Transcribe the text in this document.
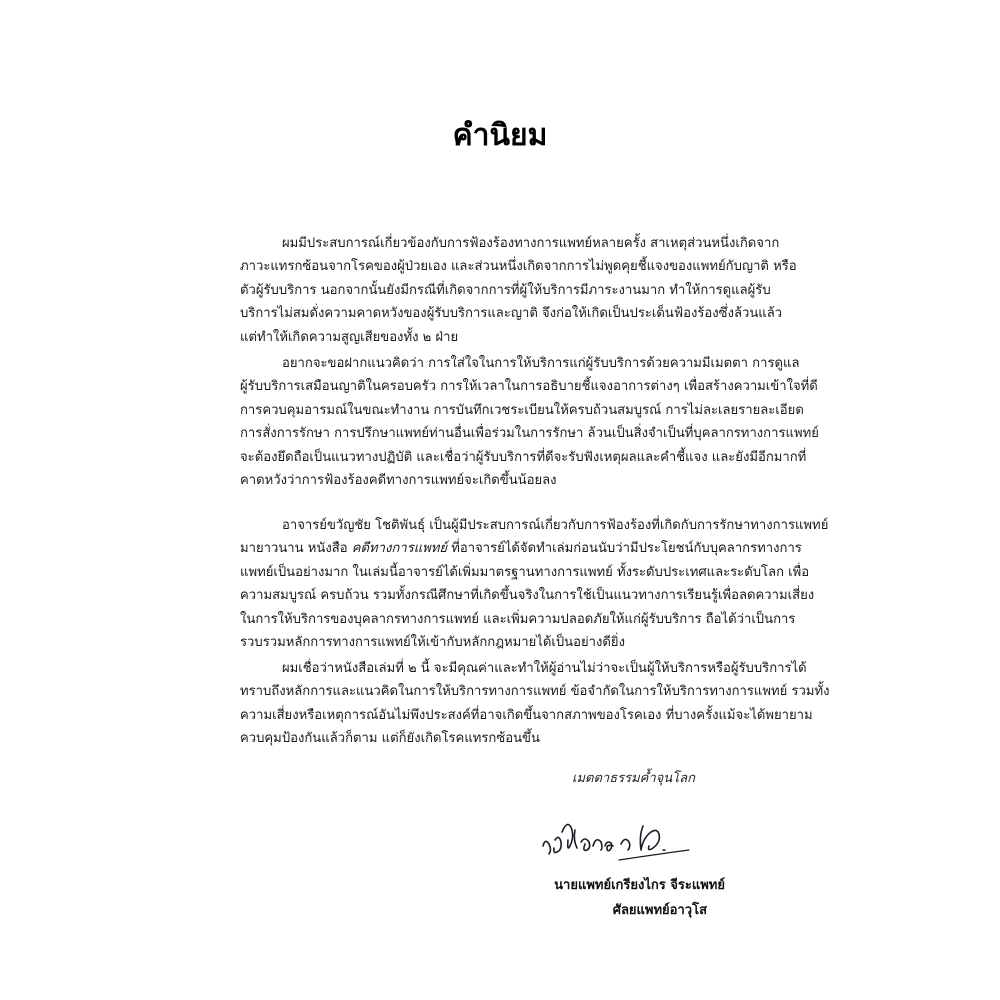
คำนิยม
ผมมีประสบการณ์เกี่ยวข้องกับการฟ้องร้องทางการแพทย์หลายครั้ง สาเหตุส่วนหนึ่งเกิดจาก
ภาวะแทรกซ้อนจากโรคของผู้ป่วยเอง และส่วนหนึ่งเกิดจากการไม่พูดคุยชี้แจงของแพทย์กับญาติ หรือ
ตัวผู้รับบริการ นอกจากนั้นยังมีกรณีที่เกิดจากการที่ผู้ให้บริการมีภาระงานมาก ทำให้การดูแลผู้รับ
บริการไม่สมดั่งความคาดหวังของผู้รับบริการและญาติ จึงก่อให้เกิดเป็นประเด็นฟ้องร้องซึ่งล้วนแล้ว
แต่ทำให้เกิดความสูญเสียของทั้ง ๒ ฝ่าย
อยากจะขอฝากแนวคิดว่า การใส่ใจในการให้บริการแก่ผู้รับบริการด้วยความมีเมตตา การดูแล
ผู้รับบริการเสมือนญาติในครอบครัว การให้เวลาในการอธิบายชี้แจงอาการต่างๆ เพื่อสร้างความเข้าใจที่ดี
การควบคุมอารมณ์ในขณะทำงาน การบันทึกเวชระเบียนให้ครบถ้วนสมบูรณ์ การไม่ละเลยรายละเอียด
การสั่งการรักษา การปรึกษาแพทย์ท่านอื่นเพื่อร่วมในการรักษา ล้วนเป็นสิ่งจำเป็นที่บุคลากรทางการแพทย์
จะต้องยึดถือเป็นแนวทางปฏิบัติ และเชื่อว่าผู้รับบริการที่ดีจะรับฟังเหตุผลและคำชี้แจง และยังมีอีกมากที่
คาดหวังว่าการฟ้องร้องคดีทางการแพทย์จะเกิดขึ้นน้อยลง
อาจารย์ขวัญชัย โชติพันธุ์ เป็นผู้มีประสบการณ์เกี่ยวกับการฟ้องร้องที่เกิดกับการรักษาทางการแพทย์
มายาวนาน หนังสือ คดีทางการแพทย์ ที่อาจารย์ได้จัดทำเล่มก่อนนับว่ามีประโยชน์กับบุคลากรทางการ
แพทย์เป็นอย่างมาก ในเล่มนี้อาจารย์ได้เพิ่มมาตรฐานทางการแพทย์ ทั้งระดับประเทศและระดับโลก เพื่อ
ความสมบูรณ์ ครบถ้วน รวมทั้งกรณีศึกษาที่เกิดขึ้นจริงในการใช้เป็นแนวทางการเรียนรู้เพื่อลดความเสี่ยง
ในการให้บริการของบุคลากรทางการแพทย์ และเพิ่มความปลอดภัยให้แก่ผู้รับบริการ ถือได้ว่าเป็นการ
รวบรวมหลักการทางการแพทย์ให้เข้ากับหลักกฎหมายได้เป็นอย่างดียิ่ง
ผมเชื่อว่าหนังสือเล่มที่ ๒ นี้ จะมีคุณค่าและทำให้ผู้อ่านไม่ว่าจะเป็นผู้ให้บริการหรือผู้รับบริการได้
ทราบถึงหลักการและแนวคิดในการให้บริการทางการแพทย์ ข้อจำกัดในการให้บริการทางการแพทย์ รวมทั้ง
ความเสี่ยงหรือเหตุการณ์อันไม่พึงประสงค์ที่อาจเกิดขึ้นจากสภาพของโรคเอง ที่บางครั้งแม้จะได้พยายาม
ควบคุมป้องกันแล้วก็ตาม แต่ก็ยังเกิดโรคแทรกซ้อนขึ้น
เมตตาธรรมค้ำจุนโลก
นายแพทย์เกรียงไกร จีระแพทย์
ศัลยแพทย์อาวุโส
